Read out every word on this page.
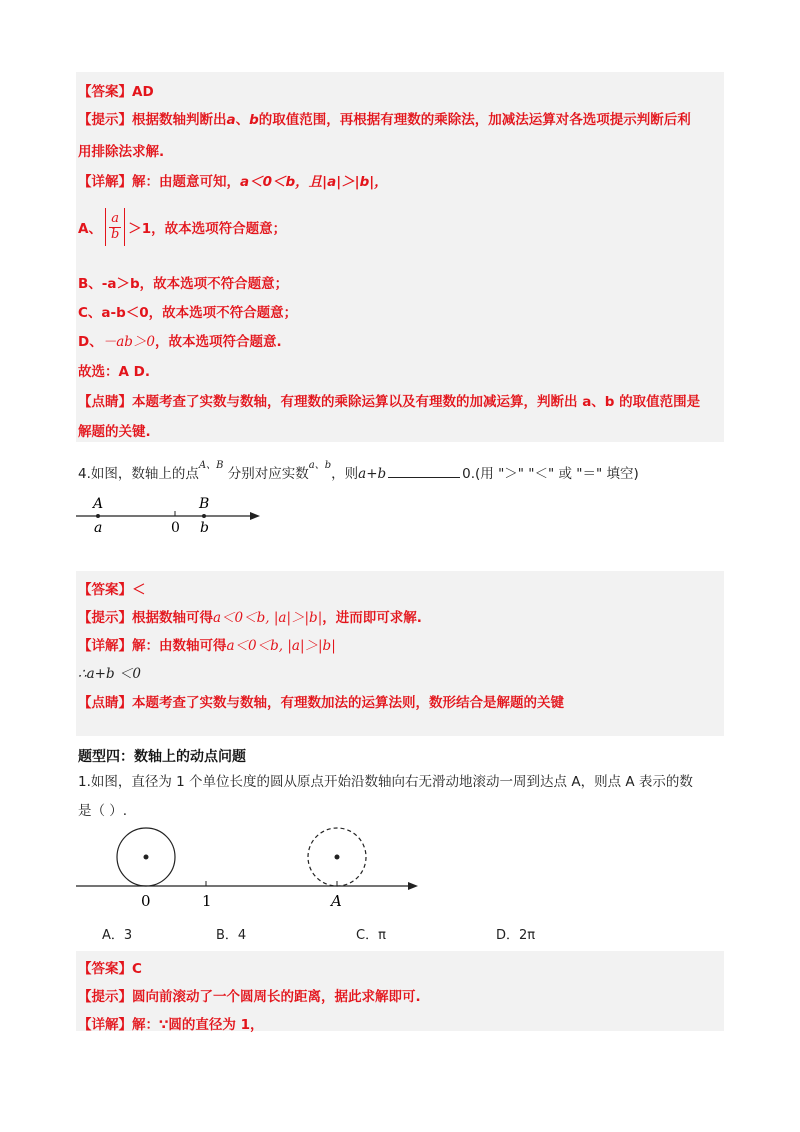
【答案】AD
【提示】根据数轴判断出a、b的取值范围，再根据有理数的乘除法，加减法运算对各选项提示判断后利
用排除法求解.
【详解】解：由题意可知，a＜0＜b，且|a|＞|b|，
A、 $\frac{a}{b} >1$，故本选项符合题意；
B、-a＞b，故本选项不符合题意；
C、a-b＜0，故本选项不符合题意；
D、－ab＞0，故本选项符合题意.
故选：A D.
【点睛】本题考查了实数与数轴，有理数的乘除运算以及有理数的加减运算，判断出 a、b 的取值范围是
解题的关键.
4.如图，数轴上的点$^{A、B}$ 分别对应实数$^{a、b}$，则a+b	0.(用 "＞" "＜" 或 "＝" 填空)
A	B
a	0 b
【答案】＜
【提示】根据数轴可得a＜0＜b, |a|＞|b|，进而即可求解.
【详解】解：由数轴可得a＜0＜b, |a|＞|b|
∴a+b ＜0
【点睛】本题考查了实数与数轴，有理数加法的运算法则，数形结合是解题的关键
题型四：数轴上的动点问题
1.如图，直径为 1 个单位长度的圆从原点开始沿数轴向右无滑动地滚动一周到达点 A，则点 A 表示的数
是（ ）.
0	1	A
A．3	B．4	C．π	D．2π
【答案】C
【提示】圆向前滚动了一个圆周长的距离，据此求解即可.
【详解】解：∵圆的直径为 1，
